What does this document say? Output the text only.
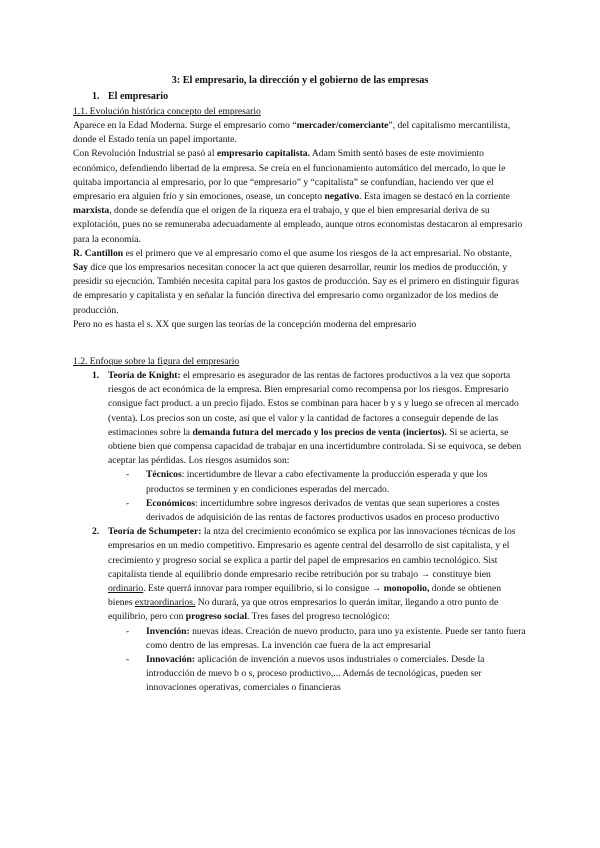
3: El empresario, la dirección y el gobierno de las empresas
1. El empresario
1.1. Evolución histórica concepto del empresario

Aparece en la Edad Moderna. Surge el empresario como “mercader/comerciante”, del capitalismo mercantilista, donde el Estado tenía un papel importante.

Con Revolución Industrial se pasó al empresario capitalista. Adam Smith sentó bases de este movimiento económico, defendiendo libertad de la empresa. Se creía en el funcionamiento automático del mercado, lo que le quitaba importancia al empresario, por lo que “empresario” y “capitalista” se confundían, haciendo ver que el empresario era alguien frío y sin emociones, osease, un concepto negativo. Esta imagen se destacó en la corriente marxista, donde se defendía que el origen de la riqueza era el trabajo, y que el bien empresarial deriva de su explotación, pues no se remuneraba adecuadamente al empleado, aunque otros economistas destacaron al empresario para la economía.

R. Cantillon es el primero que ve al empresario como el que asume los riesgos de la act empresarial. No obstante, Say dice que los empresarios necesitan conocer la act que quieren desarrollar, reunir los medios de producción, y presidir su ejecución. También necesita capital para los gastos de producción. Say es el primero en distinguir figuras de empresario y capitalista y en señalar la función directiva del empresario como organizador de los medios de producción.

Pero no es hasta el s. XX que surgen las teorías de la concepción moderna del empresario

1.2. Enfoque sobre la figura del empresario
1. Teoría de Knight: el empresario es asegurador de las rentas de factores productivos a la vez que soporta riesgos de act económica de la empresa. Bien empresarial como recompensa por los riesgos. Empresario consigue fact product. a un precio fijado. Estos se combinan para hacer b y s y luego se ofrecen al mercado (venta). Los precios son un coste, así que el valor y la cantidad de factores a conseguir depende de las estimaciones sobre la demanda futura del mercado y los precios de venta (inciertos). Si se acierta, se obtiene bien que compensa capacidad de trabajar en una incertidumbre controlada. Si se equivoca, se deben aceptar las pérdidas. Los riesgos asumidos son:

- Técnicos: incertidumbre de llevar a cabo efectivamente la producción esperada y que los productos se terminen y en condiciones esperadas del mercado.
- Económicos: incertidumbre sobre ingresos derivados de ventas que sean superiores a costes derivados de adquisición de las rentas de factores productivos usados en proceso productivo
2. Teoría de Schumpeter: la ntza del crecimiento económico se explica por las innovaciones técnicas de los empresarios en un medio competitivo. Empresario es agente central del desarrollo de sist capitalista, y el crecimiento y progreso social se explica a partir del papel de empresarios en cambio tecnológico. Sist capitalista tiende al equilibrio donde empresario recibe retribución por su trabajo → constituye bien ordinario. Este querrá innovar para romper equilibrio, si lo consigue → monopolio, donde se obtienen bienes extraordinarios. No durará, ya que otros empresarios lo querán imitar, llegando a otro punto de equilibrio, pero con progreso social. Tres fases del progreso tecnológico:

- Invención: nuevas ideas. Creación de nuevo producto, para uno ya existente. Puede ser tanto fuera como dentro de las empresas. La invención cae fuera de la act empresarial
- Innovación: aplicación de invención a nuevos usos industriales o comerciales. Desde la introducción de nuevo b o s, proceso productivo,... Además de tecnológicas, pueden ser innovaciones operativas, comerciales o financieras
